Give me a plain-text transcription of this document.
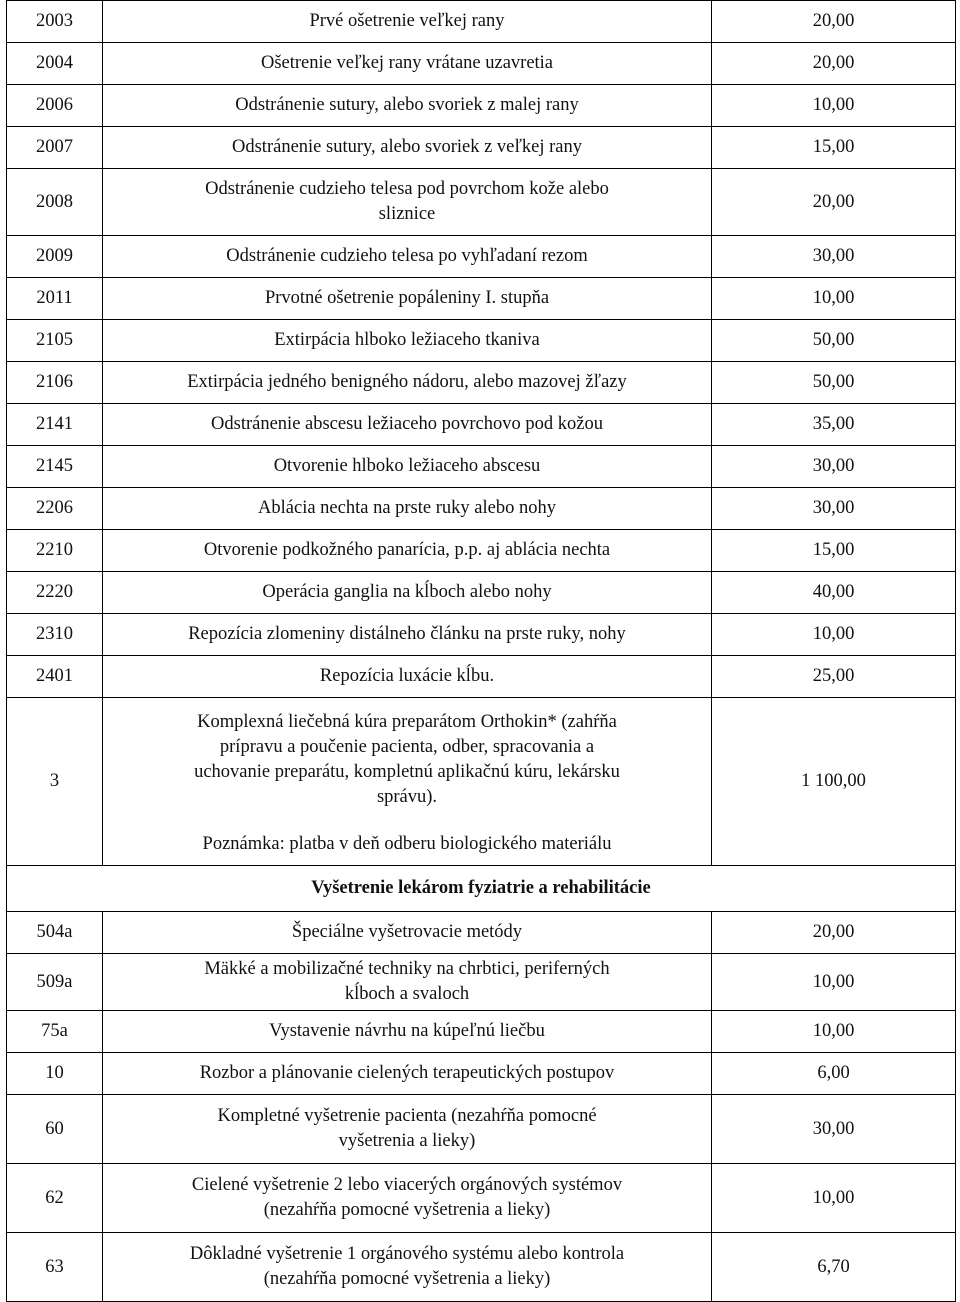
2003	Prvé ošetrenie veľkej rany	20,00
2004	Ošetrenie veľkej rany vrátane uzavretia	20,00
2006	Odstránenie sutury, alebo svoriek z malej rany	10,00
2007	Odstránenie sutury, alebo svoriek z veľkej rany	15,00
2008	Odstránenie cudzieho telesa pod povrchom kože alebo
sliznice	20,00
2009	Odstránenie cudzieho telesa po vyhľadaní rezom	30,00
2011	Prvotné ošetrenie popáleniny I. stupňa	10,00
2105	Extirpácia hlboko ležiaceho tkaniva	50,00
2106	Extirpácia jedného benigného nádoru, alebo mazovej žľazy	50,00
2141	Odstránenie abscesu ležiaceho povrchovo pod kožou	35,00
2145	Otvorenie hlboko ležiaceho abscesu	30,00
2206	Ablácia nechta na prste ruky alebo nohy	30,00
2210	Otvorenie podkožného panarícia, p.p. aj ablácia nechta	15,00
2220	Operácia ganglia na kĺboch alebo nohy	40,00
2310	Repozícia zlomeniny distálneho článku na prste ruky, nohy	10,00
2401	Repozícia luxácie kĺbu.	25,00
3	Komplexná liečebná kúra preparátom Orthokin* (zahŕňa
prípravu a poučenie pacienta, odber, spracovania a
uchovanie preparátu, kompletnú aplikačnú kúru, lekársku
správu).
Poznámka: platba v deň odberu biologického materiálu	1 100,00
Vyšetrenie lekárom fyziatrie a rehabilitácie		
504a	Špeciálne vyšetrovacie metódy	20,00
509a	Mäkké a mobilizačné techniky na chrbtici, periferných
kĺboch a svaloch	10,00
75a	Vystavenie návrhu na kúpeľnú liečbu	10,00
10	Rozbor a plánovanie cielených terapeutických postupov	6,00
60	Kompletné vyšetrenie pacienta (nezahŕňa pomocné
vyšetrenia a lieky)	30,00
62	Cielené vyšetrenie 2 lebo viacerých orgánových systémov
(nezahŕňa pomocné vyšetrenia a lieky)	10,00
63	Dôkladné vyšetrenie 1 orgánového systému alebo kontrola
(nezahŕňa pomocné vyšetrenia a lieky)	6,70
